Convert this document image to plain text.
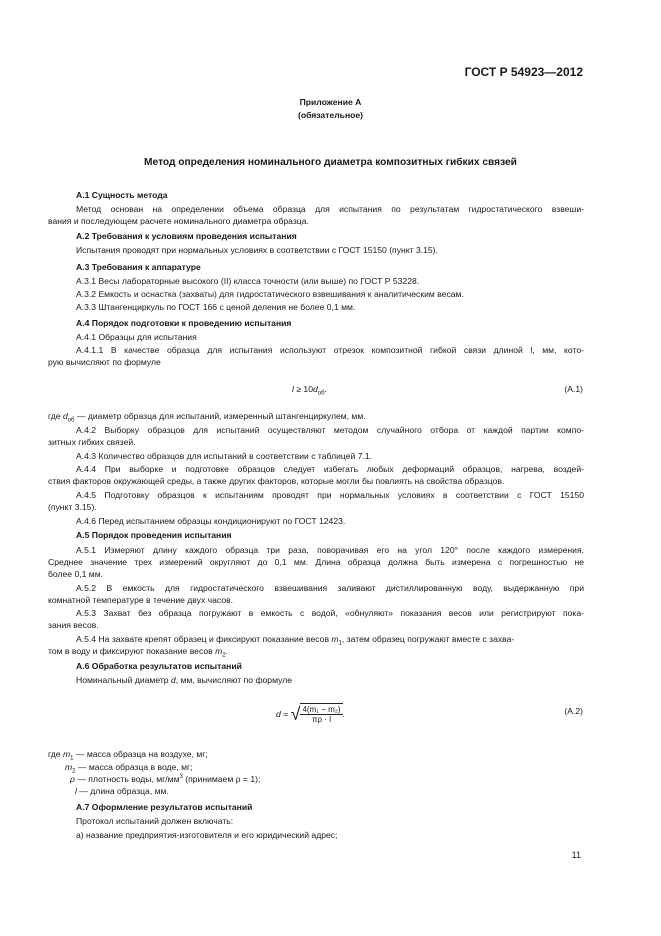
ГОСТ Р 54923—2012
Приложение А
(обязательное)
Метод определения номинального диаметра композитных гибких связей
А.1 Сущность метода
Метод основан на определении объема образца для испытания по результатам гидростатического взвеши-
вания и последующем расчете номинального диаметра образца.
А.2 Требования к условиям проведения испытания
Испытания проводят при нормальных условиях в соответствии с ГОСТ 15150 (пункт 3.15).
А.3 Требования к аппаратуре
А.3.1 Весы лабораторные высокого (II) класса точности (или выше) по ГОСТ Р 53228.
А.3.2 Емкость и оснастка (захваты) для гидростатического взвешивания к аналитическим весам.
А.3.3 Штангенциркуль по ГОСТ 166 с ценой деления не более 0,1 мм.
А.4 Порядок подготовки к проведению испытания
А.4.1 Образцы для испытания
А.4.1.1 В качестве образца для испытания используют отрезок композитной гибкой связи длиной l, мм, кото-
рую вычисляют по формуле
$l \ge 10d_{об}$.	(А.1)
где $d_{об}$ — диаметр образца для испытаний, измеренный штангенциркулем, мм.
А.4.2 Выборку образцов для испытаний осуществляют методом случайного отбора от каждой партии компо-
зитных гибких связей.
А.4.3 Количество образцов для испытаний в соответствии с таблицей 7.1.
А.4.4 При выборке и подготовке образцов следует избегать любых деформаций образцов, нагрева, воздей-
ствия факторов окружающей среды, а также других факторов, которые могли бы повлиять на свойства образцов.
А.4.5 Подготовку образцов к испытаниям проводят при нормальных условиях в соответствии с ГОСТ 15150
(пункт 3.15).
А.4.6 Перед испытанием образцы кондиционируют по ГОСТ 12423.
А.5 Порядок проведения испытания
А.5.1 Измеряют длину каждого образца три раза, поворачивая его на угол 120° после каждого измерения.
Среднее значение трех измерений округляют до 0,1 мм. Длина образца должна быть измерена с погрешностью не
более 0,1 мм.
А.5.2 В емкость для гидростатического взвешивания заливают дистиллированную воду, выдержанную при
комнатной температуре в течение двух часов.
А.5.3 Захват без образца погружают в емкость с водой, «обнуляют» показания весов или регистрируют пока-
зания весов.
А.5.4 На захвате крепят образец и фиксируют показание весов $m_1$, затем образец погружают вместе с захва-
том в воду и фиксируют показание весов $m_2$.
А.6 Обработка результатов испытаний
Номинальный диаметр d, мм, вычисляют по формуле
d = √ $\frac{\text{4(m₁ − m₂)}}{\pi\rho \cdot l}$ .	(А.2)
где $m_1$ — масса образца на воздухе, мг;
$m_2$ — масса образца в воде, мг;
ρ — плотность воды, $мг/мм^3$ (принимаем ρ = 1);
l — длина образца, мм.
А.7 Оформление результатов испытаний
Протокол испытаний должен включать:
а) название предприятия-изготовителя и его юридический адрес;
11
